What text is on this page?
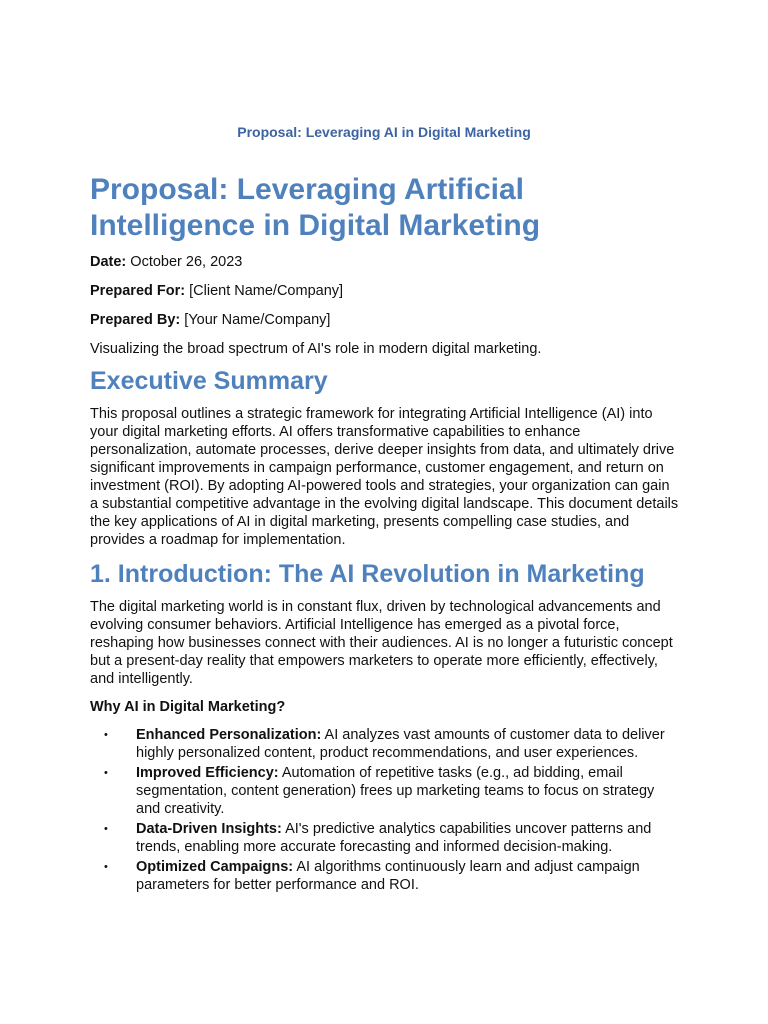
Proposal: Leveraging AI in Digital Marketing
Proposal: Leveraging Artificial Intelligence in Digital Marketing
Date: October 26, 2023
Prepared For: [Client Name/Company]
Prepared By: [Your Name/Company]
Visualizing the broad spectrum of AI's role in modern digital marketing.
Executive Summary

This proposal outlines a strategic framework for integrating Artificial Intelligence (AI) into your digital marketing efforts. AI offers transformative capabilities to enhance personalization, automate processes, derive deeper insights from data, and ultimately drive significant improvements in campaign performance, customer engagement, and return on investment (ROI). By adopting AI-powered tools and strategies, your organization can gain a substantial competitive advantage in the evolving digital landscape. This document details the key applications of AI in digital marketing, presents compelling case studies, and provides a roadmap for implementation.

1. Introduction: The AI Revolution in Marketing

The digital marketing world is in constant flux, driven by technological advancements and evolving consumer behaviors. Artificial Intelligence has emerged as a pivotal force, reshaping how businesses connect with their audiences. AI is no longer a futuristic concept but a present-day reality that empowers marketers to operate more efficiently, effectively, and intelligently.

Why AI in Digital Marketing?
• Enhanced Personalization: AI analyzes vast amounts of customer data to deliver highly personalized content, product recommendations, and user experiences.
• Improved Efficiency: Automation of repetitive tasks (e.g., ad bidding, email segmentation, content generation) frees up marketing teams to focus on strategy and creativity.
• Data-Driven Insights: AI's predictive analytics capabilities uncover patterns and trends, enabling more accurate forecasting and informed decision-making.
• Optimized Campaigns: AI algorithms continuously learn and adjust campaign parameters for better performance and ROI.
